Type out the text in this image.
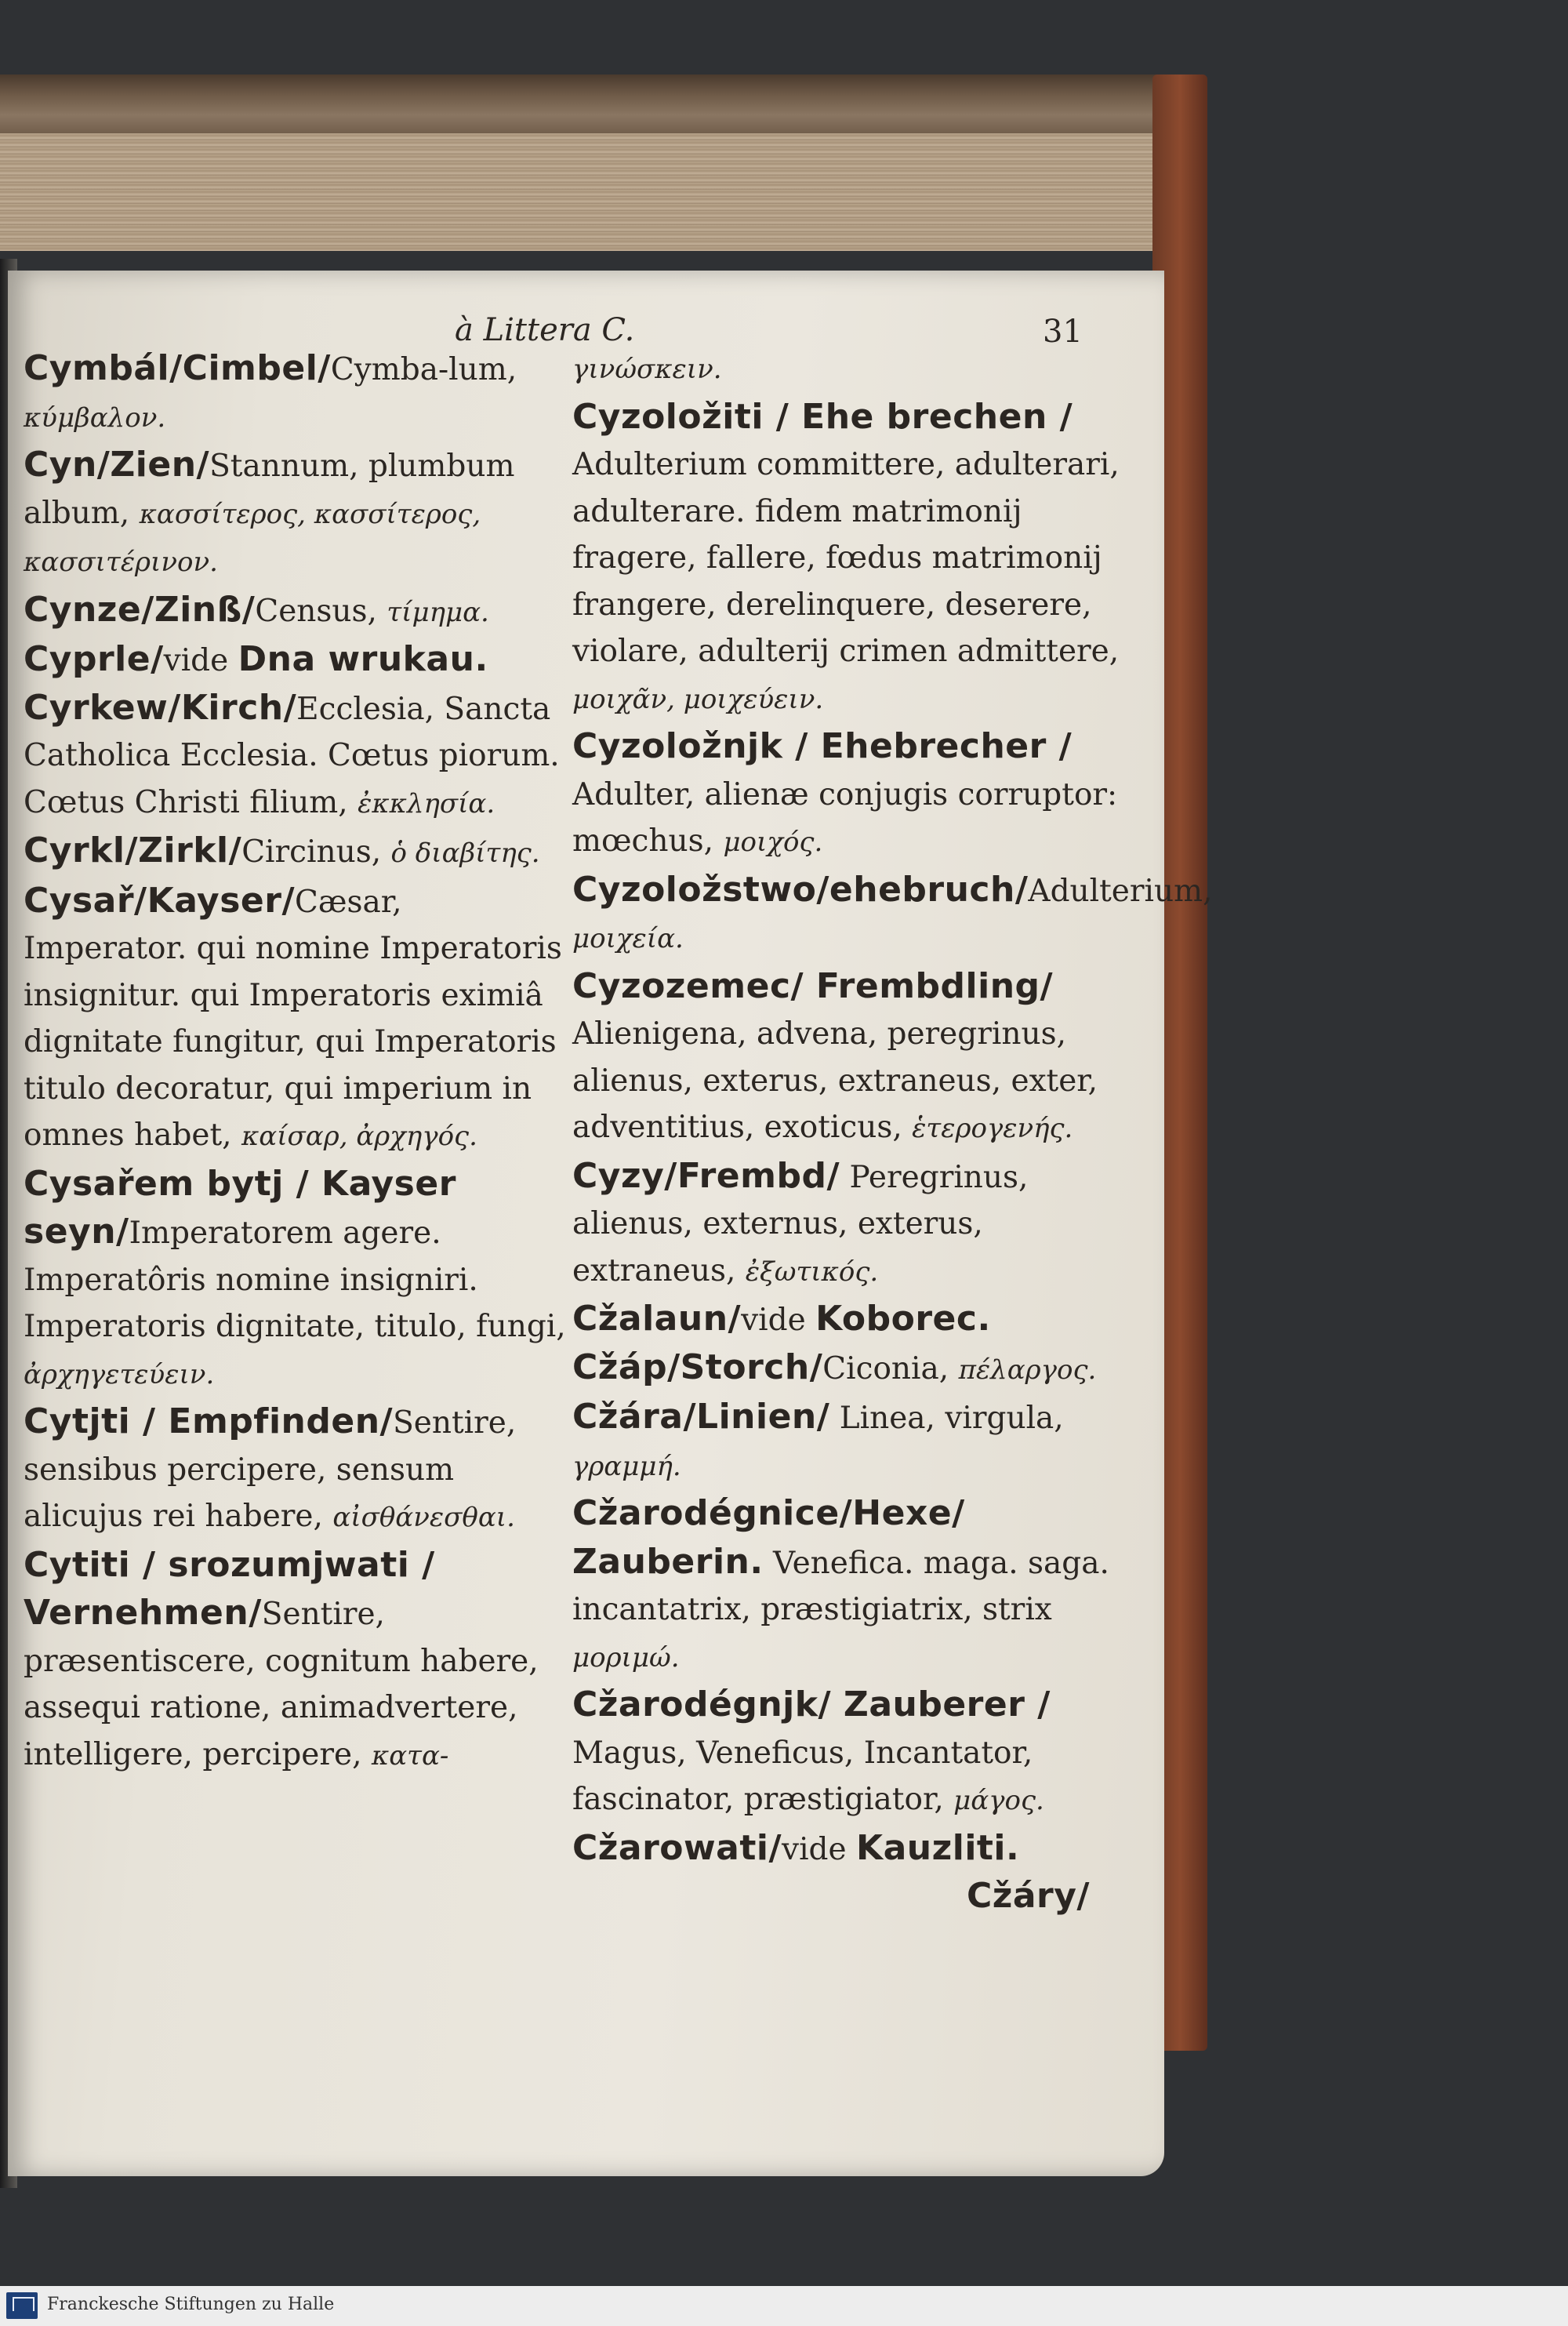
à Littera C.	31

Cymbál/Cimbel/Cymba-lum, κύμβαλον.

Cyn/Zien/Stannum, plumbum album, κασσίτερος, κασσίτερος, κασσιτέρινον.

Cynze/Zinß/Census, τίμημα.

Cyprle/vide Dna wrukau.

Cyrkew/Kirch/Ecclesia, Sancta Catholica Ecclesia. Cœtus piorum. Cœtus Christi filium, ἐκκλησία.

Cyrkl/Zirkl/Circinus, ὁ διαβίτης.

Cysař/Kayser/Cæsar, Imperator. qui nomine Imperatoris insignitur. qui Imperatoris eximiâ dignitate fungitur, qui Imperatoris titulo decoratur, qui imperium in omnes habet, καίσαρ, ἀρχηγός.

Cysařem bytj / Kayser seyn/Imperatorem agere. Imperatôris nomine insigniri. Imperatoris dignitate, titulo, fungi, ἀρχηγετεύειν.

Cytjti / Empfinden/Sentire, sensibus percipere, sensum alicujus rei habere, αἰσθάνεσθαι.

Cytiti / srozumjwati / Vernehmen/Sentire, præsentiscere, cognitum habere, assequi ratione, animadvertere, intelligere, percipere, κατα-

γινώσκειν.

Cyzoložiti / Ehe brechen / Adulterium committere, adulterari, adulterare. fidem matrimonij fragere, fallere, fœdus matrimonij frangere, derelinquere, deserere, violare, adulterij crimen admittere, μοιχᾶν, μοιχεύειν.

Cyzoložnjk / Ehebrecher / Adulter, alienæ conjugis corruptor: mœchus, μοιχός.

Cyzoložstwo/ehebruch/Adulterium, μοιχεία.

Cyzozemec/ Frembdling/ Alienigena, advena, peregrinus, alienus, exterus, extraneus, exter, adventitius, exoticus, ἑτερογενής.

Cyzy/Frembd/ Peregrinus, alienus, externus, exterus, extraneus, ἐξωτικός.

Cžalaun/vide Koborec.

Cžáp/Storch/Ciconia, πέλαργος.

Cžára/Linien/ Linea, virgula, γραμμή.

Cžarodégnice/Hexe/ Zauberin. Venefica. maga. saga. incantatrix, præstigiatrix, strix μοριμώ.

Cžarodégnjk/ Zauberer / Magus, Veneficus, Incantator, fascinator, præstigiator, μάγος.

Cžarowati/vide Kauzliti.

Cžáry/

Franckesche Stiftungen zu Halle
